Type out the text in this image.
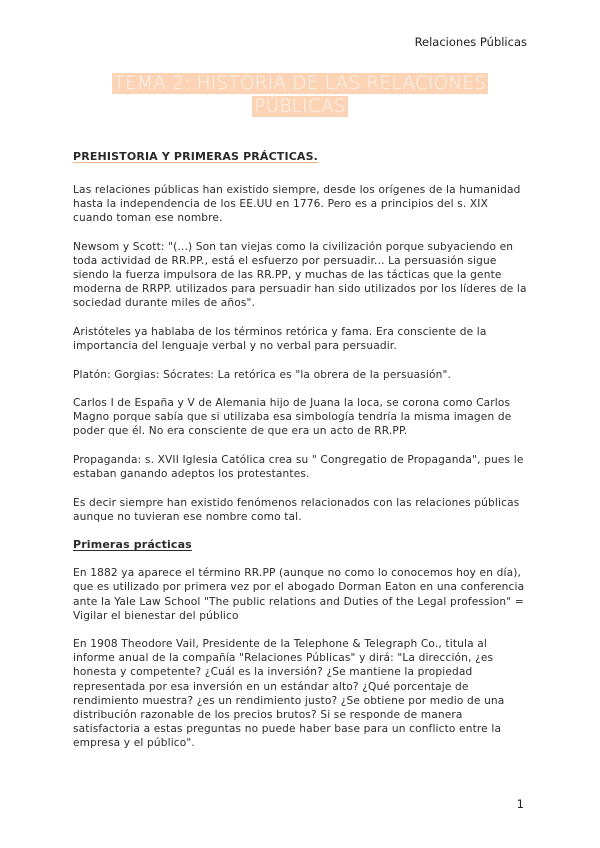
Relaciones Públicas
TEMA 2: HISTORIA DE LAS RELACIONES
PÚBLICAS
PREHISTORIA Y PRIMERAS PRÁCTICAS.

Las relaciones públicas han existido siempre, desde los orígenes de la humanidad hasta la independencia de los EE.UU en 1776. Pero es a principios del s. XIX cuando toman ese nombre.

Newsom y Scott: "(...) Son tan viejas como la civilización porque subyaciendo en toda actividad de RR.PP., está el esfuerzo por persuadir... La persuasión sigue siendo la fuerza impulsora de las RR.PP, y muchas de las tácticas que la gente moderna de RRPP. utilizados para persuadir han sido utilizados por los líderes de la sociedad durante miles de años".

Aristóteles ya hablaba de los términos retórica y fama. Era consciente de la importancia del lenguaje verbal y no verbal para persuadir.

Platón: Gorgias: Sócrates: La retórica es "la obrera de la persuasión".

Carlos I de España y V de Alemania hijo de Juana la loca, se corona como Carlos Magno porque sabía que si utilizaba esa simbología tendría la misma imagen de poder que él. No era consciente de que era un acto de RR.PP.

Propaganda: s. XVII Iglesia Católica crea su " Congregatio de Propaganda", pues le estaban ganando adeptos los protestantes.

Es decir siempre han existido fenómenos relacionados con las relaciones públicas aunque no tuvieran ese nombre como tal.

Primeras prácticas

En 1882 ya aparece el término RR.PP (aunque no como lo conocemos hoy en día), que es utilizado por primera vez por el abogado Dorman Eaton en una conferencia ante la Yale Law School "The public relations and Duties of the Legal profession" = Vigilar el bienestar del público

En 1908 Theodore Vail, Presidente de la Telephone & Telegraph Co., titula al informe anual de la compañía "Relaciones Públicas" y dirá: "La dirección, ¿es honesta y competente? ¿Cuál es la inversión? ¿Se mantiene la propiedad representada por esa inversión en un estándar alto? ¿Qué porcentaje de rendimiento muestra? ¿es un rendimiento justo? ¿Se obtiene por medio de una distribución razonable de los precios brutos? Si se responde de manera satisfactoria a estas preguntas no puede haber base para un conflicto entre la empresa y el público".

1
